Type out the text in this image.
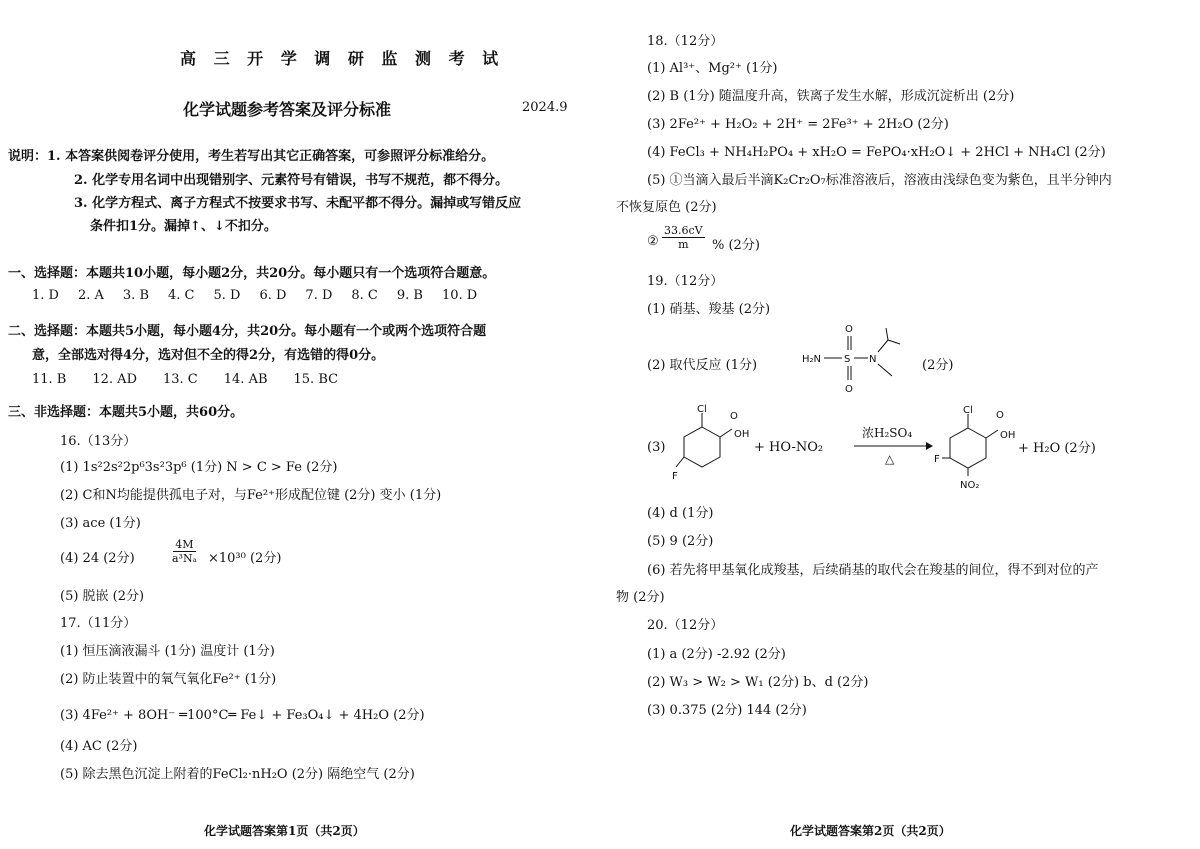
高 三 开 学 调 研 监 测 考 试
化学试题参考答案及评分标准	2024.9
说明：1. 本答案供阅卷评分使用，考生若写出其它正确答案，可参照评分标准给分。
2. 化学专用名词中出现错别字、元素符号有错误，书写不规范，都不得分。
3. 化学方程式、离子方程式不按要求书写、未配平都不得分。漏掉或写错反应
条件扣1分。漏掉↑、↓不扣分。
一、选择题：本题共10小题，每小题2分，共20分。每小题只有一个选项符合题意。
1. D 2. A 3. B 4. C 5. D 6. D 7. D 8. C 9. B 10. D
二、选择题：本题共5小题，每小题4分，共20分。每小题有一个或两个选项符合题
意，全部选对得4分，选对但不全的得2分，有选错的得0分。
11. B 12. AD 13. C 14. AB 15. BC
三、非选择题：本题共5小题，共60分。
16.（13分）
(1) 1s²2s²2p⁶3s²3p⁶ (1分) N > C > Fe (2分)
(2) C和N均能提供孤电子对，与Fe²⁺形成配位键 (2分) 变小 (1分)
(3) ace (1分)
(4) 24 (2分)	$\frac{4M}{\text{a³Nₐ}} \times 10^{30}$ (2分)
(5) 脱嵌 (2分)
17.（11分）
(1) 恒压滴液漏斗 (1分) 温度计 (1分)
(2) 防止装置中的氧气氧化Fe²⁺ (1分)
(3) 4Fe²⁺ + 8OH⁻ ═100°C═ Fe↓ + Fe₃O₄↓ + 4H₂O (2分)
(4) AC (2分)
(5) 除去黑色沉淀上附着的FeCl₂·nH₂O (2分) 隔绝空气 (2分)
化学试题答案第1页（共2页）
18.（12分）
(1) Al³⁺、Mg²⁺ (1分)
(2) B (1分) 随温度升高，铁离子发生水解，形成沉淀析出 (2分)
(3) 2Fe²⁺ + H₂O₂ + 2H⁺ = 2Fe³⁺ + 2H₂O (2分)
(4) FeCl₃ + NH₄H₂PO₄ + xH₂O = FePO₄·xH₂O↓ + 2HCl + NH₄Cl (2分)
(5) ①当滴入最后半滴K₂Cr₂O₇标准溶液后，溶液由浅绿色变为紫色，且半分钟内
不恢复原色 (2分)
② $\frac{33.6cV}{m}$ % (2分)
19.（12分）
(1) 硝基、羧基 (2分)
(2) 取代反应 (1分)	H₂N S
O
O
N	(2分)
(3)
Cl
O
OH
F
+ HO-NO₂
浓H₂SO₄
△
Cl O
OH
F
NO₂
+ H₂O (2分)
(4) d (1分)
(5) 9 (2分)
(6) 若先将甲基氧化成羧基，后续硝基的取代会在羧基的间位，得不到对位的产
物 (2分)
20.（12分）
(1) a (2分) -2.92 (2分)
(2) W₃ > W₂ > W₁ (2分) b、d (2分)
(3) 0.375 (2分) 144 (2分)
化学试题答案第2页（共2页）
